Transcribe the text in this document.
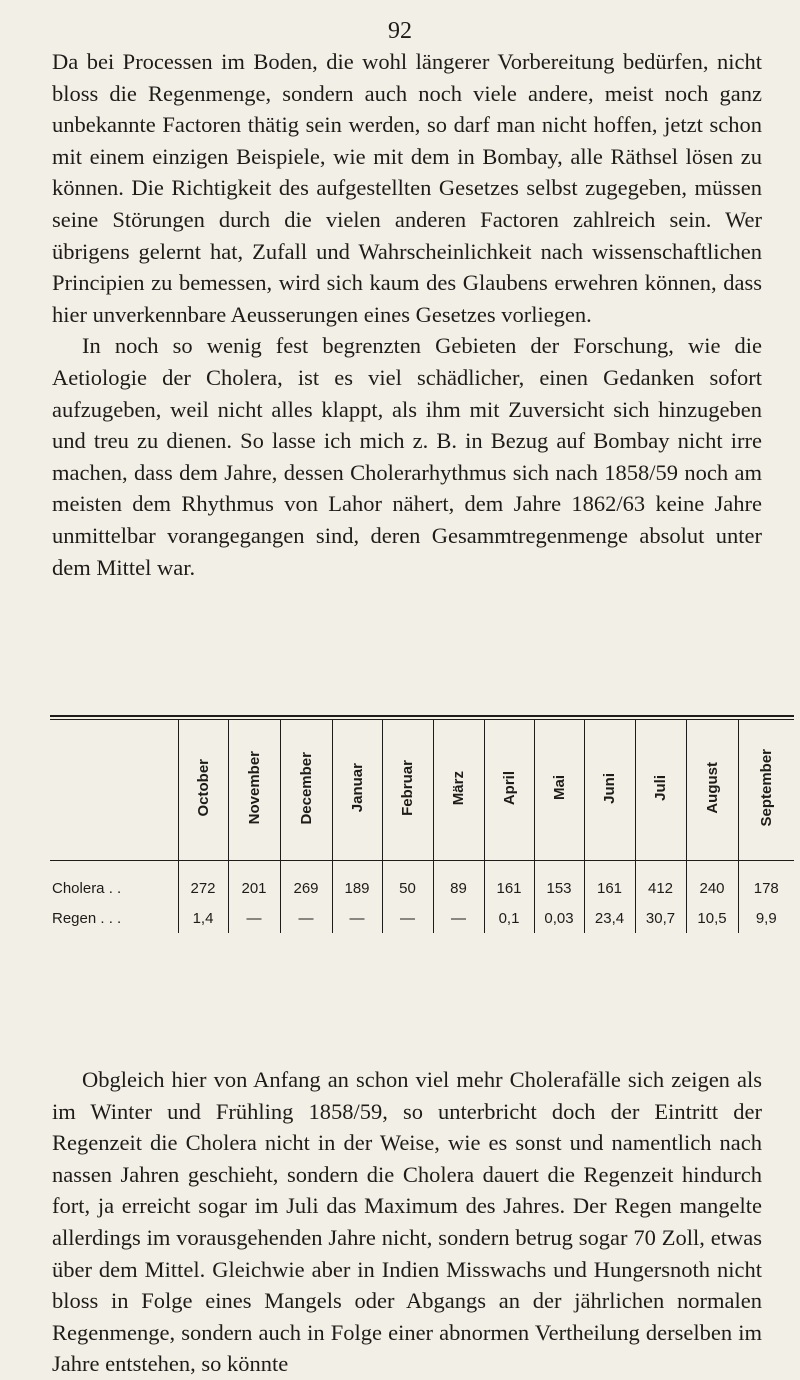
92

Da bei Processen im Boden, die wohl längerer Vorbereitung bedürfen, nicht bloss die Regenmenge, sondern auch noch viele andere, meist noch ganz unbekannte Factoren thätig sein werden, so darf man nicht hoffen, jetzt schon mit einem einzigen Beispiele, wie mit dem in Bombay, alle Räthsel lösen zu können. Die Richtigkeit des aufgestellten Gesetzes selbst zugegeben, müssen seine Störungen durch die vielen anderen Factoren zahlreich sein. Wer übrigens gelernt hat, Zufall und Wahrscheinlichkeit nach wissenschaftlichen Principien zu bemessen, wird sich kaum des Glaubens erwehren können, dass hier unverkennbare Aeusserungen eines Gesetzes vorliegen.

In noch so wenig fest begrenzten Gebieten der Forschung, wie die Aetiologie der Cholera, ist es viel schädlicher, einen Gedanken sofort aufzugeben, weil nicht alles klappt, als ihm mit Zuversicht sich hinzugeben und treu zu dienen. So lasse ich mich z. B. in Bezug auf Bombay nicht irre machen, dass dem Jahre, dessen Cholerarhythmus sich nach 1858/59 noch am meisten dem Rhythmus von Lahor nähert, dem Jahre 1862/63 keine Jahre unmittelbar vorangegangen sind, deren Gesammtregenmenge absolut unter dem Mittel war.

	October	November	December	Januar	Februar	März	April	Mai	Juni	Juli	August	September
Cholera . .	272	201	269	189	50	89	161	153	161	412	240	178
Regen . . .	1,4	—	—	—	—	—	0,1	0,03	23,4	30,7	10,5	9,9

Obgleich hier von Anfang an schon viel mehr Cholerafälle sich zeigen als im Winter und Frühling 1858/59, so unterbricht doch der Eintritt der Regenzeit die Cholera nicht in der Weise, wie es sonst und namentlich nach nassen Jahren geschieht, sondern die Cholera dauert die Regenzeit hindurch fort, ja erreicht sogar im Juli das Maximum des Jahres. Der Regen mangelte allerdings im vorausgehenden Jahre nicht, sondern betrug sogar 70 Zoll, etwas über dem Mittel. Gleichwie aber in Indien Misswachs und Hungersnoth nicht bloss in Folge eines Mangels oder Abgangs an der jährlichen normalen Regenmenge, sondern auch in Folge einer abnormen Vertheilung derselben im Jahre entstehen, so könnte
